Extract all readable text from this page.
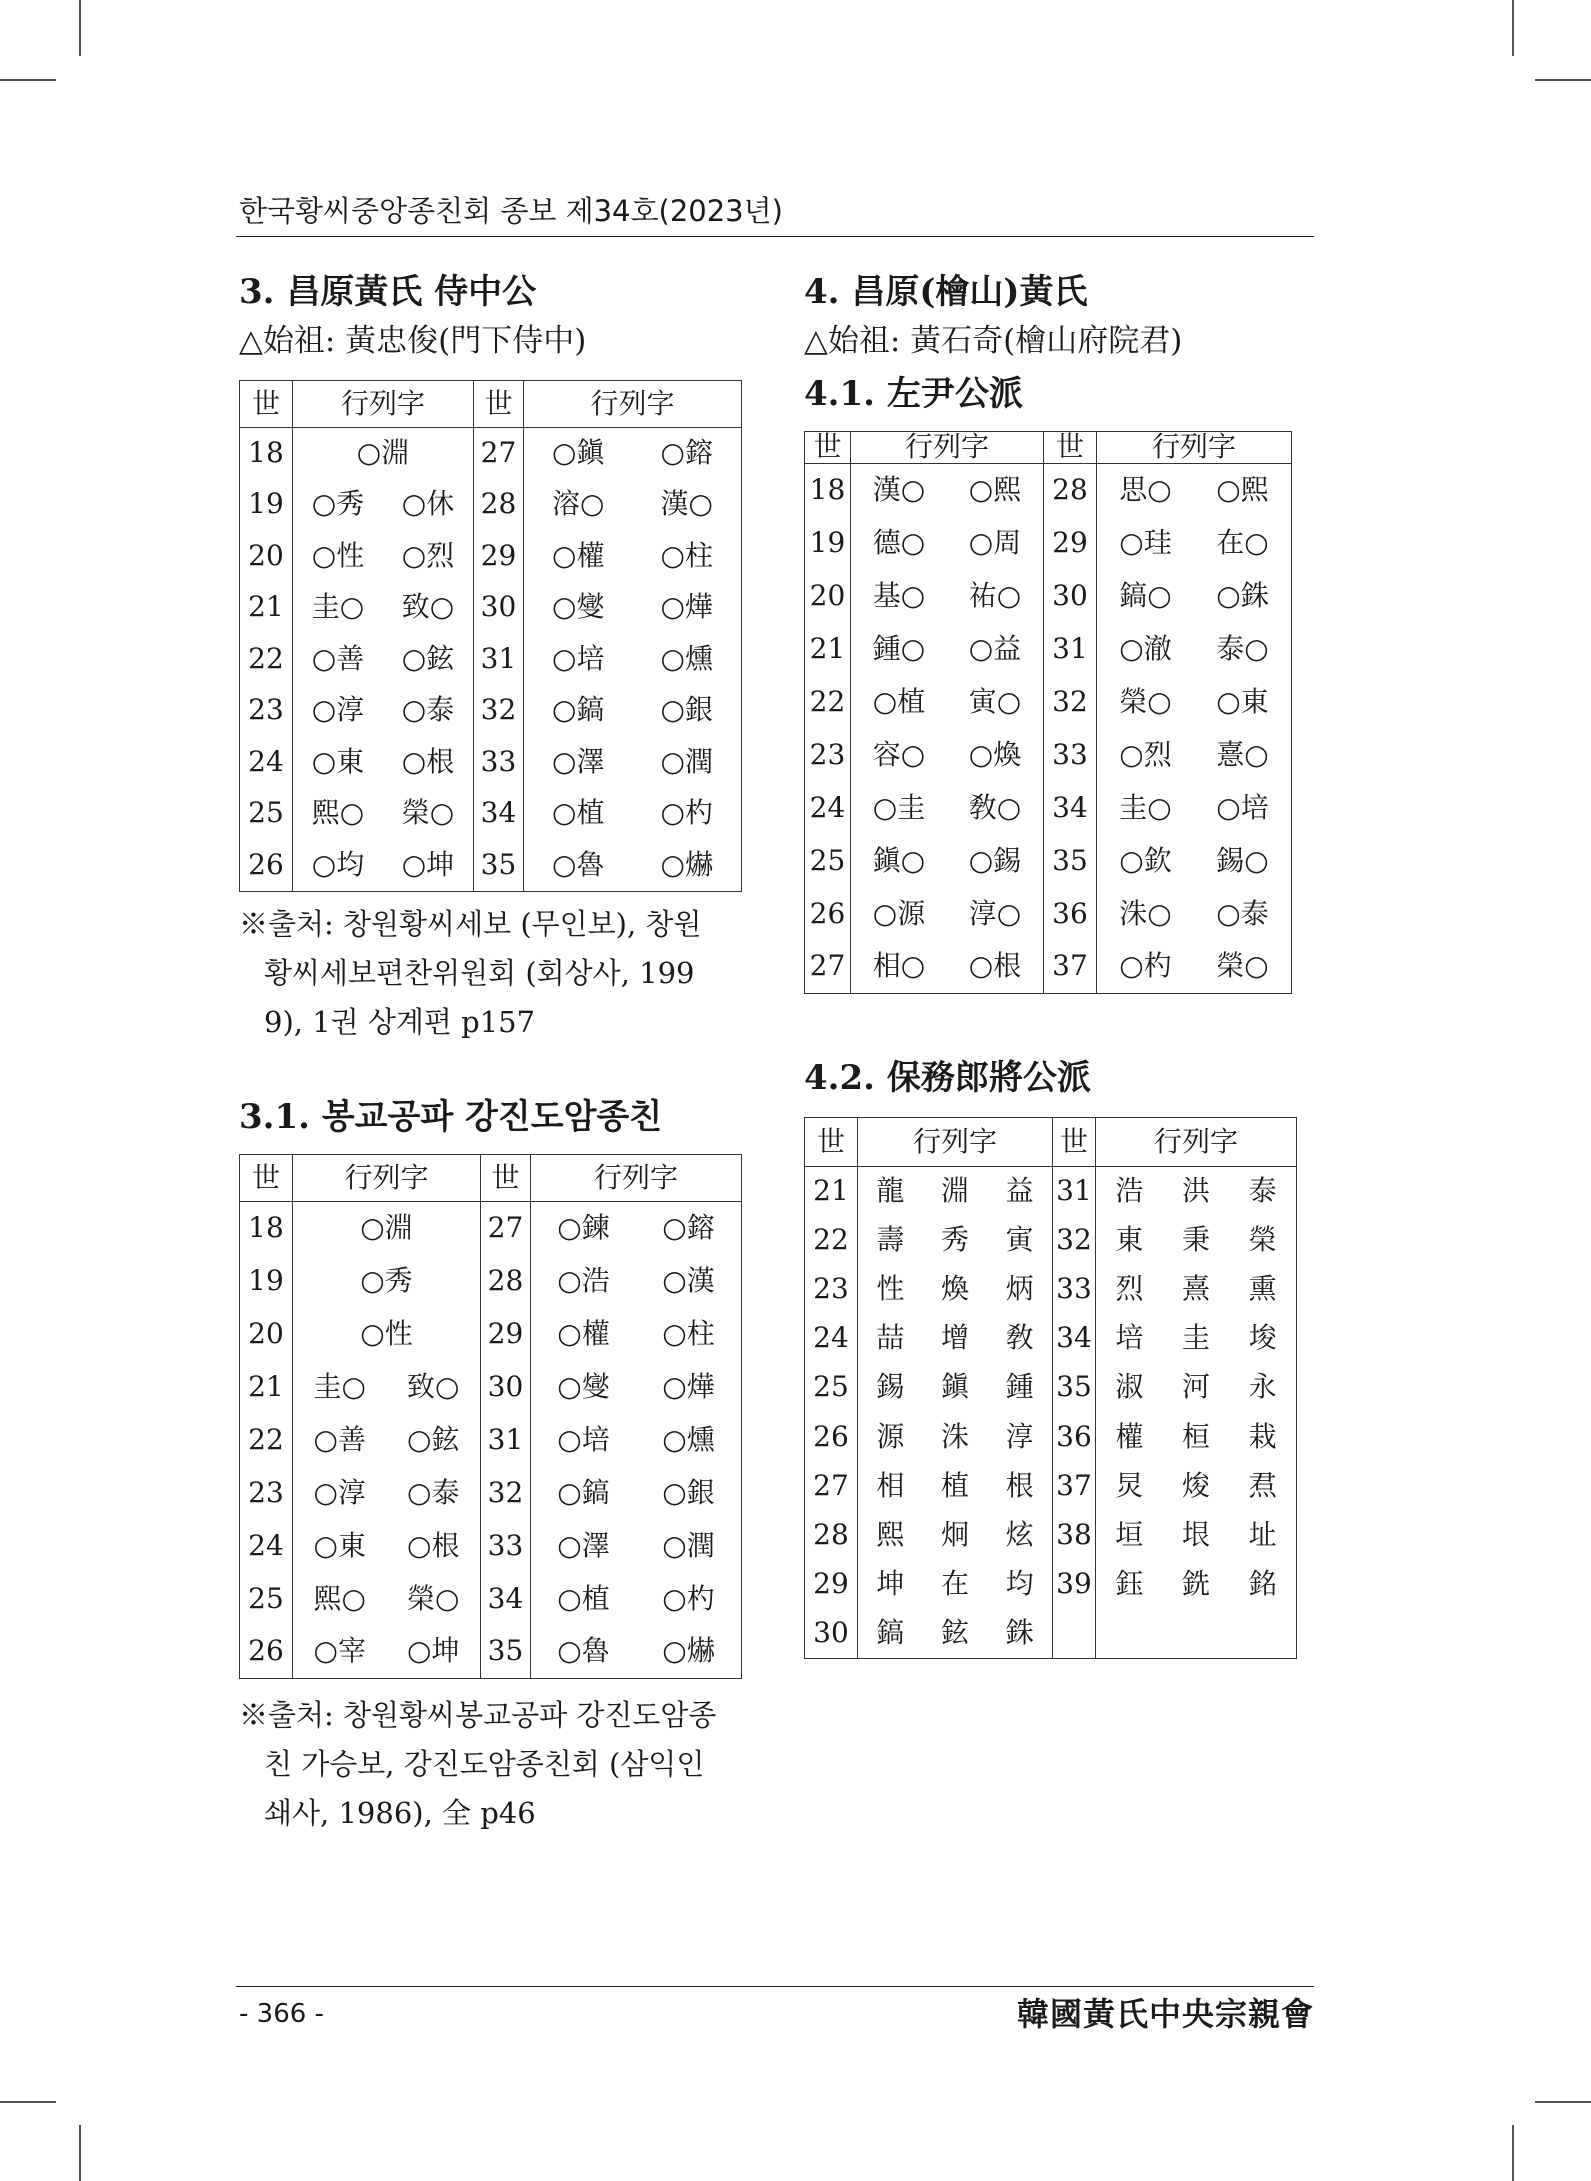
한국황씨중앙종친회 종보 제34호(2023년)
3. 昌原黃氏 侍中公
△始祖: 黃忠俊(門下侍中)
世	行列字	世	行列字
18	○淵	27	○鎭 ○鎔

19	○秀 ○休	28	溶○ 漢○

20	○性 ○烈	29	○權 ○柱

21	圭○ 致○	30	○燮 ○燁

22	○善 ○鉉	31	○培 ○燻

23	○淳 ○泰	32	○鎬 ○銀

24	○東 ○根	33	○澤 ○潤

25	熙○ 榮○	34	○植 ○杓

26	○均 ○坤	35	○魯 ○爀
※출처: 창원황씨세보 (무인보), 창원
황씨세보편찬위원회 (회상사, 199
9), 1권 상계편 p157
3.1. 봉교공파 강진도암종친
世	行列字	世	行列字
18	○淵	27	○鍊 ○鎔

19	○秀	28	○浩 ○漢

20	○性	29	○權 ○柱

21	圭○ 致○	30	○燮 ○燁

22	○善 ○鉉	31	○培 ○燻

23	○淳 ○泰	32	○鎬 ○銀

24	○東 ○根	33	○澤 ○潤

25	熙○ 榮○	34	○植 ○杓

26	○宰 ○坤	35	○魯 ○爀
※출처: 창원황씨봉교공파 강진도암종
친 가승보, 강진도암종친회 (삼익인
쇄사, 1986), 全 p46
4. 昌原(檜山)黃氏
△始祖: 黃石奇(檜山府院君)
4.1. 左尹公派
世	行列字	世	行列字
18	漢○ ○熙	28	思○ ○熙

19	德○ ○周	29	○珪 在○

20	基○ 祐○	30	鎬○ ○銖

21	鍾○ ○益	31	○澈 泰○

22	○植 寅○	32	榮○ ○東

23	容○ ○煥	33	○烈 憙○

24	○圭 敎○	34	圭○ ○培

25	鎭○ ○錫	35	○欽 錫○

26	○源 淳○	36	洙○ ○泰

27	相○ ○根	37	○杓 榮○
4.2. 保務郎將公派
世	行列字	世	行列字
21	龍 淵 益	31	浩 洪 泰

22	壽 秀 寅	32	東 秉 榮

23	性 煥 炳	33	烈 熹 熏

24	喆 增 敎	34	培 圭 埈

25	錫 鎭 鍾	35	淑 河 永

26	源 洙 淳	36	權 桓 栽

27	相 植 根	37	炅 焌 焄

28	熙 炯 炫	38	垣 垠 址

29	坤 在 均	39	鈺 銑 銘

30	鎬 鉉 銖		

- 366 -	韓國黃氏中央宗親會
